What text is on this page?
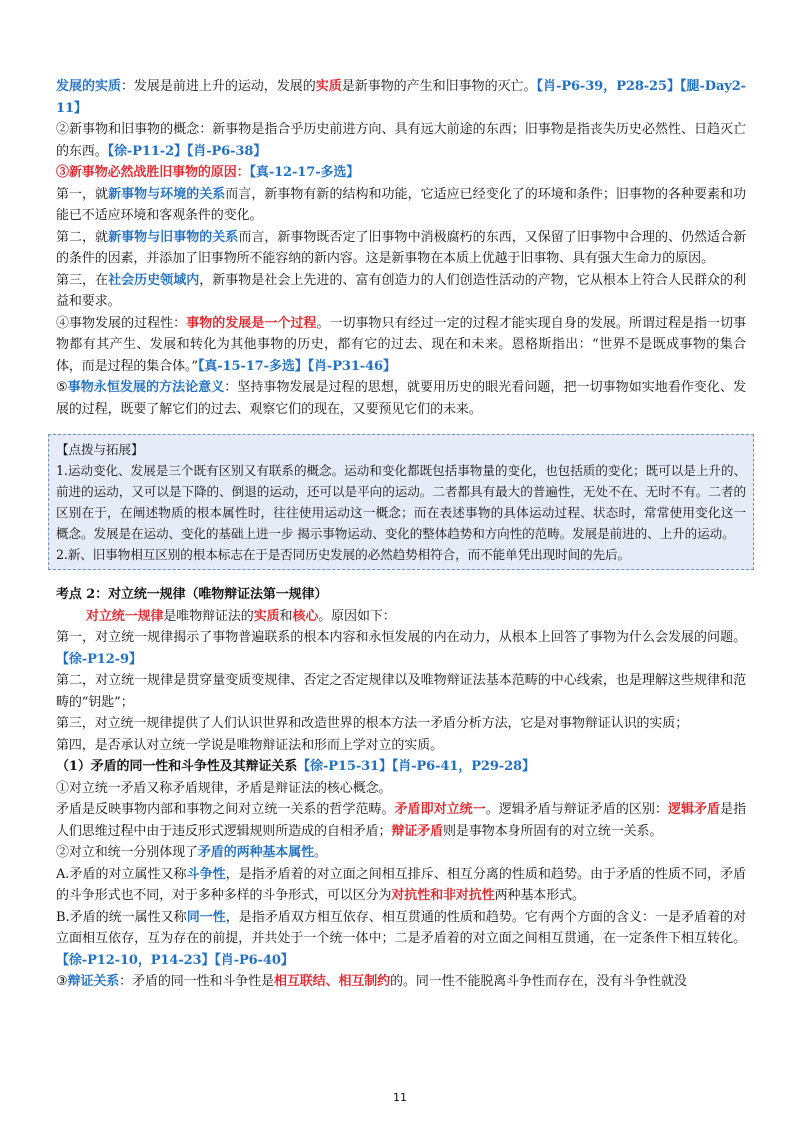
发展的实质：发展是前进上升的运动，发展的实质是新事物的产生和旧事物的灭亡。【肖-P6-39，P28-25】【腿-Day2-11】

②新事物和旧事物的概念：新事物是指合乎历史前进方向、具有远大前途的东西；旧事物是指丧失历史必然性、日趋灭亡的东西。【徐-P11-2】【肖-P6-38】

③新事物必然战胜旧事物的原因：【真-12-17-多选】

第一，就新事物与环境的关系而言，新事物有新的结构和功能，它适应已经变化了的环境和条件；旧事物的各种要素和功能已不适应环境和客观条件的变化。

第二，就新事物与旧事物的关系而言，新事物既否定了旧事物中消极腐朽的东西，又保留了旧事物中合理的、仍然适合新的条件的因素，并添加了旧事物所不能容纳的新内容。这是新事物在本质上优越于旧事物、具有强大生命力的原因。

第三，在社会历史领域内，新事物是社会上先进的、富有创造力的人们创造性活动的产物，它从根本上符合人民群众的利益和要求。

④事物发展的过程性：事物的发展是一个过程。一切事物只有经过一定的过程才能实现自身的发展。所谓过程是指一切事物都有其产生、发展和转化为其他事物的历史，都有它的过去、现在和未来。恩格斯指出：“世界不是既成事物的集合体，而是过程的集合体。”【真-15-17-多选】【肖-P31-46】

⑤事物永恒发展的方法论意义：坚持事物发展是过程的思想，就要用历史的眼光看问题，把一切事物如实地看作变化、发展的过程，既要了解它们的过去、观察它们的现在，又要预见它们的未来。

【点拨与拓展】

1.运动变化、发展是三个既有区别又有联系的概念。运动和变化都既包括事物量的变化，也包括质的变化；既可以是上升的、前进的运动，又可以是下降的、倒退的运动，还可以是平向的运动。二者都具有最大的普遍性，无处不在、无时不有。二者的区别在于，在阐述物质的根本属性时，往往使用运动这一概念；而在表述事物的具体运动过程、状态时，常常使用变化这一 概念。发展是在运动、变化的基础上进一步 揭示事物运动、变化的整体趋势和方向性的范畴。发展是前进的、上升的运动。

2.新、旧事物相互区别的根本标志在于是否同历史发展的必然趋势相符合，而不能单凭出现时间的先后。

考点 2：对立统一规律（唯物辩证法第一规律）

对立统一规律是唯物辩证法的实质和核心。原因如下：

第一，对立统一规律揭示了事物普遍联系的根本内容和永恒发展的内在动力，从根本上回答了事物为什么会发展的问题。【徐-P12-9】

第二，对立统一规律是贯穿量变质变规律、否定之否定规律以及唯物辩证法基本范畴的中心线索，也是理解这些规律和范畴的“钥匙”；

第三，对立统一规律提供了人们认识世界和改造世界的根本方法一矛盾分析方法，它是对事物辩证认识的实质；

第四，是否承认对立统一学说是唯物辩证法和形而上学对立的实质。

（1）矛盾的同一性和斗争性及其辩证关系【徐-P15-31】【肖-P6-41，P29-28】

①对立统一矛盾又称矛盾规律，矛盾是辩证法的核心概念。

矛盾是反映事物内部和事物之间对立统一关系的哲学范畴。矛盾即对立统一。逻辑矛盾与辩证矛盾的区别：逻辑矛盾是指人们思维过程中由于违反形式逻辑规则所造成的自相矛盾；辩证矛盾则是事物本身所固有的对立统一关系。

②对立和统一分别体现了矛盾的两种基本属性。

A.矛盾的对立属性又称斗争性，是指矛盾着的对立面之间相互排斥、相互分离的性质和趋势。由于矛盾的性质不同，矛盾的斗争形式也不同，对于多种多样的斗争形式，可以区分为对抗性和非对抗性两种基本形式。

B.矛盾的统一属性又称同一性，是指矛盾双方相互依存、相互贯通的性质和趋势。它有两个方面的含义：一是矛盾着的对立面相互依存，互为存在的前提，并共处于一个统一体中；二是矛盾着的对立面之间相互贯通，在一定条件下相互转化。【徐-P12-10，P14-23】【肖-P6-40】

③辩证关系：矛盾的同一性和斗争性是相互联结、相互制约的。同一性不能脱离斗争性而存在，没有斗争性就没

11
